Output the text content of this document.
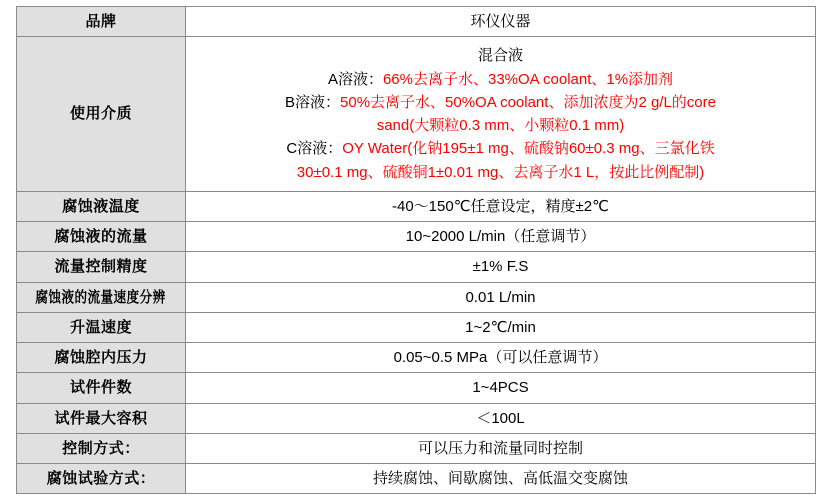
品牌	环仪仪器
使用介质	
混合液
A溶液：66%去离子水、33%OA coolant、1%添加剂
B溶液：50%去离子水、50%OA coolant、添加浓度为2 g/L的core
sand(大颗粒0.3 mm、小颗粒0.1 mm)
C溶液：OY Water(化钠195±1 mg、硫酸钠60±0.3 mg、三氯化铁
30±0.1 mg、硫酸铜1±0.01 mg、去离子水1 L，按此比例配制)

腐蚀液温度	-40～150℃任意设定，精度±2℃
腐蚀液的流量	10~2000 L/min（任意调节）
流量控制精度	±1% F.S
腐蚀液的流量速度分辨	0.01 L/min
升温速度	1~2℃/min
腐蚀腔内压力	0.05~0.5 MPa（可以任意调节）
试件件数	1~4PCS
试件最大容积	＜100L
控制方式：	可以压力和流量同时控制
腐蚀试验方式：	持续腐蚀、间歇腐蚀、高低温交变腐蚀
